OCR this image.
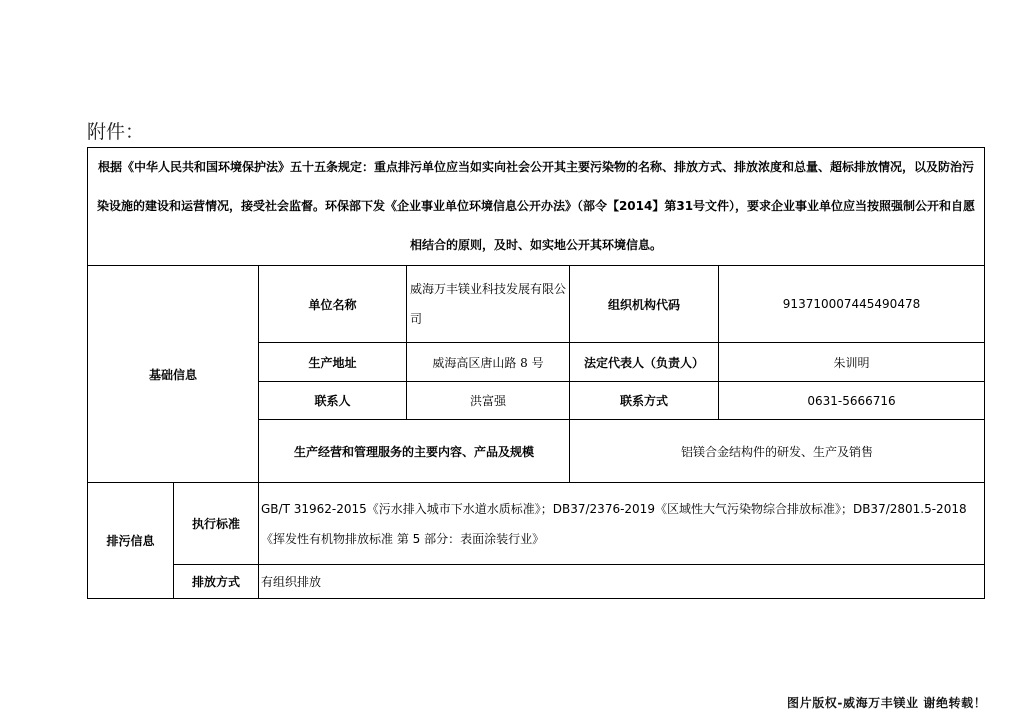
附件：
根据《中华人民共和国环境保护法》五十五条规定：重点排污单位应当如实向社会公开其主要污染物的名称、排放方式、排放浓度和总量、超标排放情况，以及防治污染设施的建设和运营情况，接受社会监督。环保部下发《企业事业单位环境信息公开办法》（部令【2014】第31号文件），要求企业事业单位应当按照强制公开和自愿相结合的原则，及时、如实地公开其环境信息。					
基础信息		单位名称	威海万丰镁业科技发展有限公司	组织机构代码	913710007445490478
		生产地址	威海高区唐山路 8 号	法定代表人（负责人）	朱训明
		联系人	洪富强	联系方式	0631-5666716
		生产经营和管理服务的主要内容、产品及规模		铝镁合金结构件的研发、生产及销售	
排污信息	执行标准	GB/T 31962-2015《污水排入城市下水道水质标准》；DB37/2376-2019《区域性大气污染物综合排放标准》；DB37/2801.5-2018《挥发性有机物排放标准 第 5 部分：表面涂装行业》			
	排放方式	有组织排放			
图片版权-威海万丰镁业 谢绝转载！
